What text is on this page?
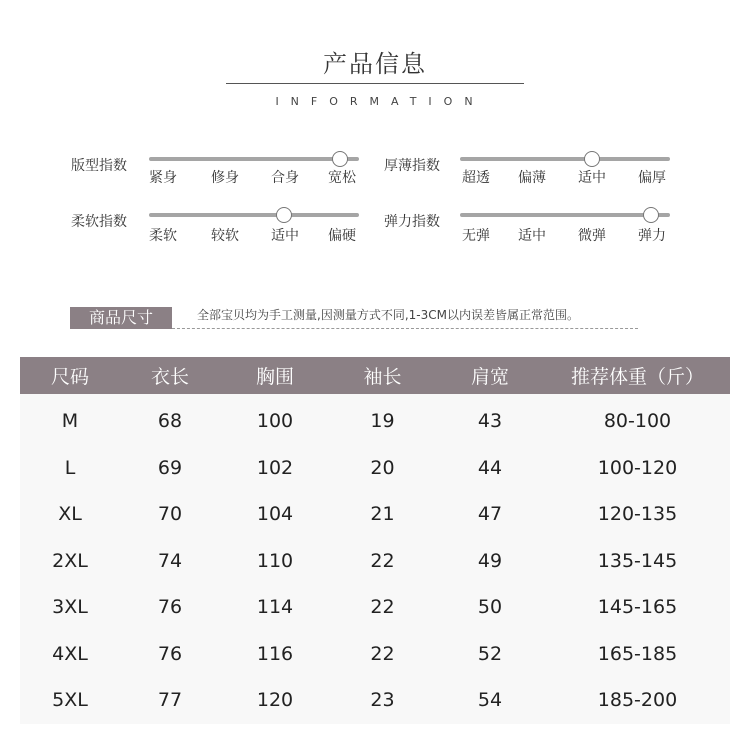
产品信息
INFORMATION
版型指数
紧身 修身 合身 宽松
厚薄指数
超透 偏薄 适中 偏厚
柔软指数
柔软 较软 适中 偏硬
弹力指数
无弹 适中 微弹 弹力
商品尺寸	全部宝贝均为手工测量,因测量方式不同,1-3CM以内误差皆属正常范围。
尺码	衣长	胸围	袖长	肩宽	推荐体重（斤）
M	68	100	19	43	80-100
L	69	102	20	44	100-120
XL	70	104	21	47	120-135
2XL	74	110	22	49	135-145
3XL	76	114	22	50	145-165
4XL	76	116	22	52	165-185
5XL	77	120	23	54	185-200
